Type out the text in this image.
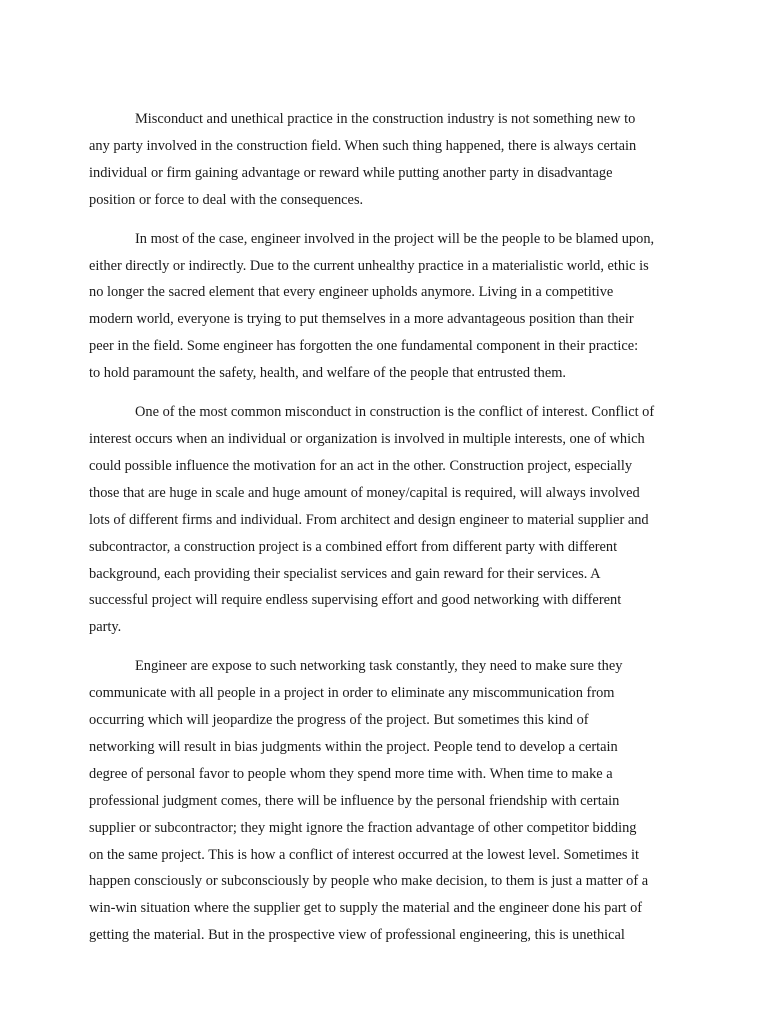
Misconduct and unethical practice in the construction industry is not something new to
any party involved in the construction field. When such thing happened, there is always certain
individual or firm gaining advantage or reward while putting another party in disadvantage
position or force to deal with the consequences.

In most of the case, engineer involved in the project will be the people to be blamed upon,
either directly or indirectly. Due to the current unhealthy practice in a materialistic world, ethic is
no longer the sacred element that every engineer upholds anymore. Living in a competitive
modern world, everyone is trying to put themselves in a more advantageous position than their
peer in the field. Some engineer has forgotten the one fundamental component in their practice:
to hold paramount the safety, health, and welfare of the people that entrusted them.

One of the most common misconduct in construction is the conflict of interest. Conflict of
interest occurs when an individual or organization is involved in multiple interests, one of which
could possible influence the motivation for an act in the other. Construction project, especially
those that are huge in scale and huge amount of money/capital is required, will always involved
lots of different firms and individual. From architect and design engineer to material supplier and
subcontractor, a construction project is a combined effort from different party with different
background, each providing their specialist services and gain reward for their services. A
successful project will require endless supervising effort and good networking with different
party.

Engineer are expose to such networking task constantly, they need to make sure they
communicate with all people in a project in order to eliminate any miscommunication from
occurring which will jeopardize the progress of the project. But sometimes this kind of
networking will result in bias judgments within the project. People tend to develop a certain
degree of personal favor to people whom they spend more time with. When time to make a
professional judgment comes, there will be influence by the personal friendship with certain
supplier or subcontractor; they might ignore the fraction advantage of other competitor bidding
on the same project. This is how a conflict of interest occurred at the lowest level. Sometimes it
happen consciously or subconsciously by people who make decision, to them is just a matter of a
win-win situation where the supplier get to supply the material and the engineer done his part of
getting the material. But in the prospective view of professional engineering, this is unethical
